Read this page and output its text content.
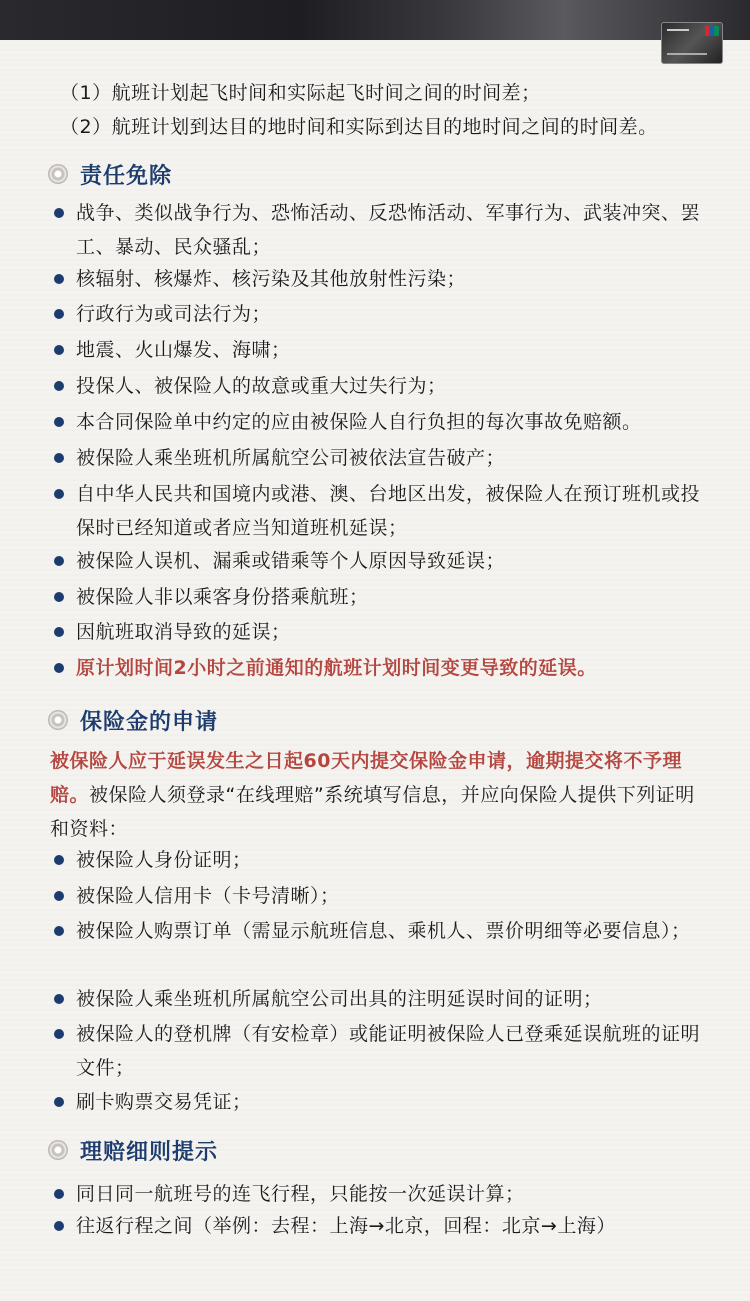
（1）航班计划起飞时间和实际起飞时间之间的时间差；
（2）航班计划到达目的地时间和实际到达目的地时间之间的时间差。
责任免除
战争、类似战争行为、恐怖活动、反恐怖活动、军事行为、武装冲突、罢工、暴动、民众骚乱；
核辐射、核爆炸、核污染及其他放射性污染；
行政行为或司法行为；
地震、火山爆发、海啸；
投保人、被保险人的故意或重大过失行为；
本合同保险单中约定的应由被保险人自行负担的每次事故免赔额。
被保险人乘坐班机所属航空公司被依法宣告破产；
自中华人民共和国境内或港、澳、台地区出发，被保险人在预订班机或投保时已经知道或者应当知道班机延误；
被保险人误机、漏乘或错乘等个人原因导致延误；
被保险人非以乘客身份搭乘航班；
因航班取消导致的延误；
原计划时间2小时之前通知的航班计划时间变更导致的延误。
保险金的申请
被保险人应于延误发生之日起60天内提交保险金申请，逾期提交将不予理赔。被保险人须登录“在线理赔”系统填写信息，并应向保险人提供下列证明和资料：
被保险人身份证明；
被保险人信用卡（卡号清晰）；
被保险人购票订单（需显示航班信息、乘机人、票价明细等必要信息）；
被保险人乘坐班机所属航空公司出具的注明延误时间的证明；
被保险人的登机牌（有安检章）或能证明被保险人已登乘延误航班的证明文件；
刷卡购票交易凭证；
理赔细则提示
同日同一航班号的连飞行程，只能按一次延误计算；
往返行程之间（举例：去程：上海→北京，回程：北京→上海）
